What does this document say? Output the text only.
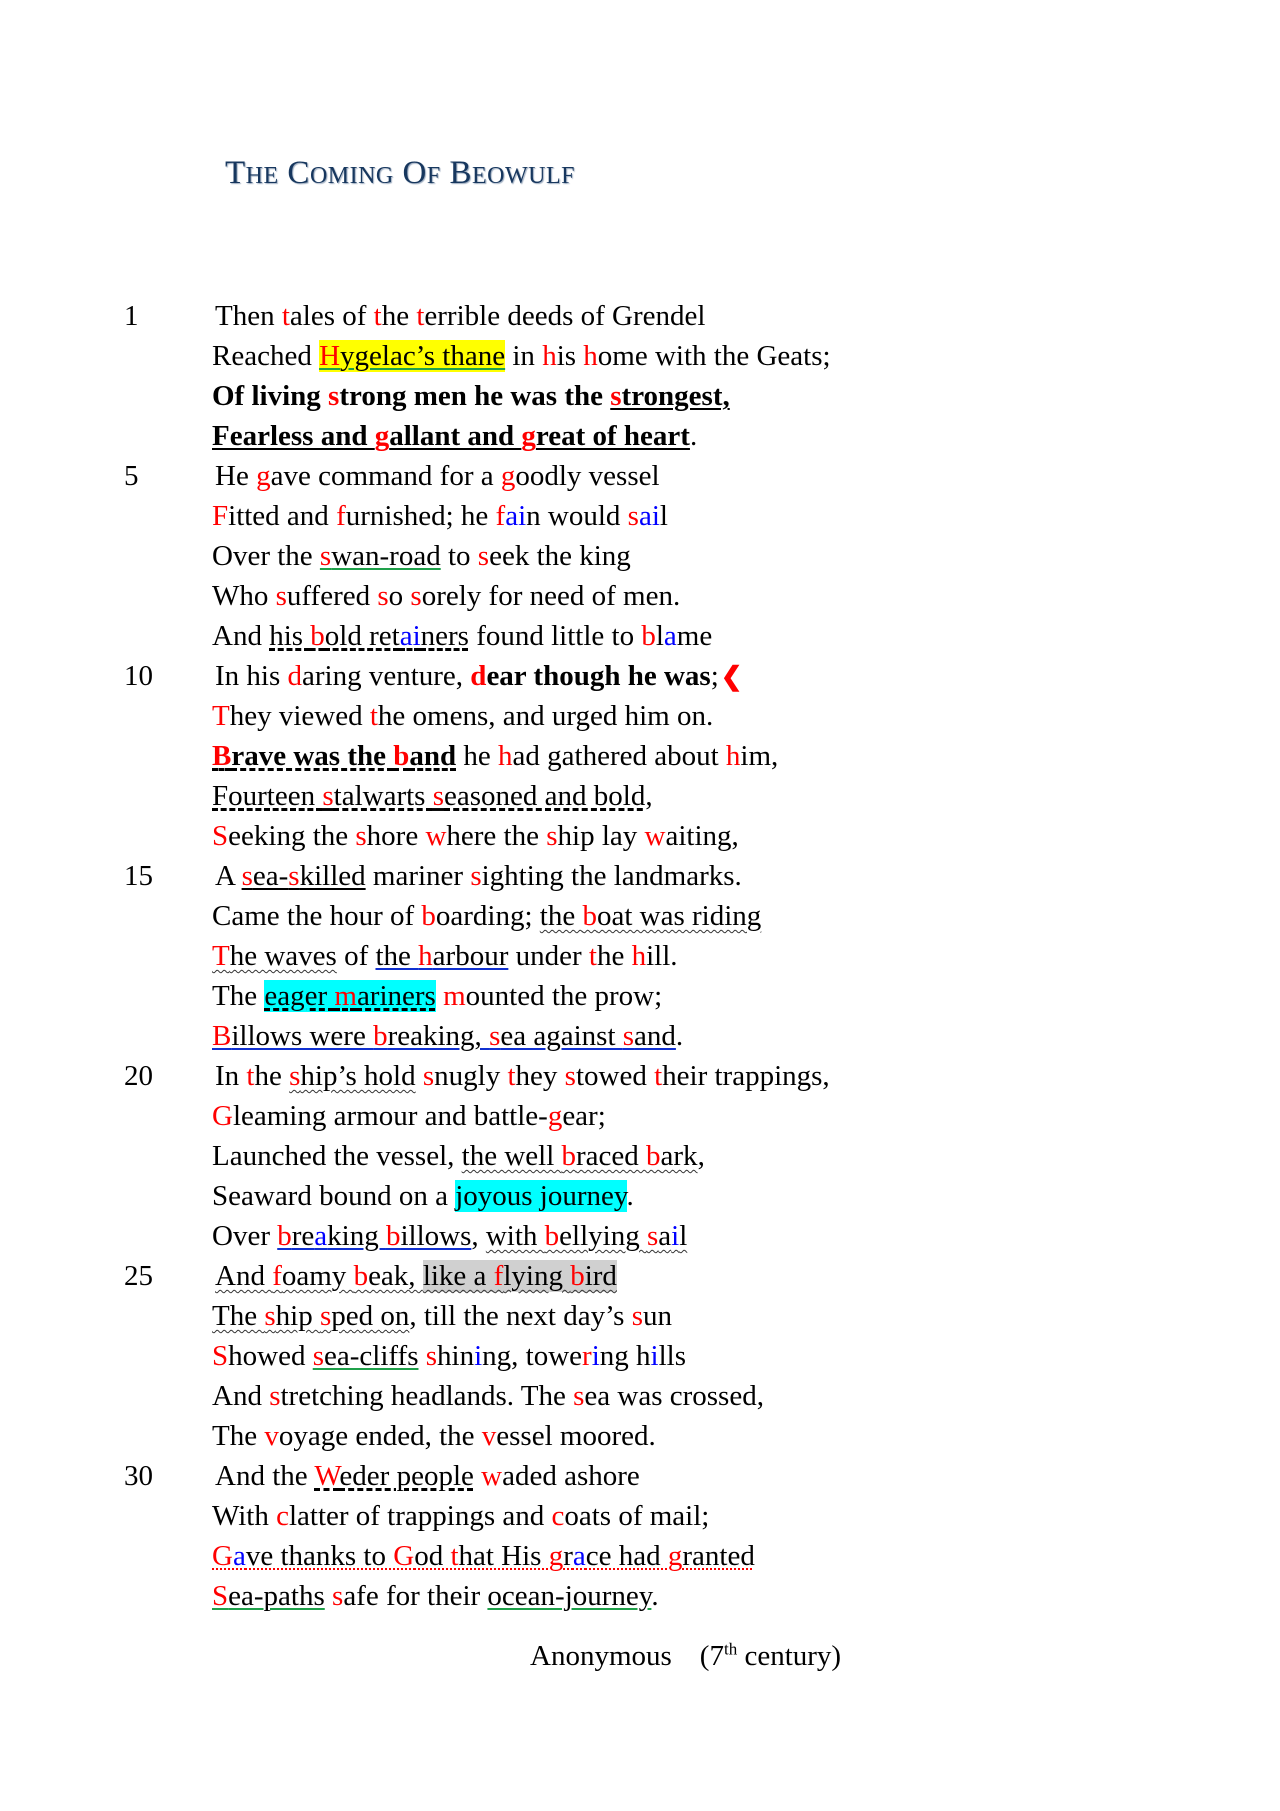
THE COMING OF BEOWULF
1	Then tales of the terrible deeds of Grendel
Reached Hygelac’s thane in his home with the Geats;
Of living strong men he was the strongest,
Fearless and gallant and great of heart.
5	He gave command for a goodly vessel
Fitted and furnished; he fain would sail
Over the swan-road to seek the king
Who suffered so sorely for need of men.
And his bold retainers found little to blame
10	In his daring venture, dear though he was;❮
They viewed the omens, and urged him on.
Brave was the band he had gathered about him,
Fourteen stalwarts seasoned and bold,
Seeking the shore where the ship lay waiting,
15	A sea-skilled mariner sighting the landmarks.
Came the hour of boarding; the boat was riding
The waves of the harbour under the hill.
The eager mariners mounted the prow;
Billows were breaking, sea against sand.
20	In the ship’s hold snugly they stowed their trappings,
Gleaming armour and battle-gear;
Launched the vessel, the well braced bark,
Seaward bound on a joyous journey.
Over breaking billows, with bellying sail
25	And foamy beak, like a flying bird
The ship sped on, till the next day’s sun
Showed sea-cliffs shining, towering hills
And stretching headlands. The sea was crossed,
The voyage ended, the vessel moored.
30	And the Weder people waded ashore
With clatter of trappings and coats of mail;
Gave thanks to God that His grace had granted
Sea-paths safe for their ocean-journey.
Anonymous (7th century)
